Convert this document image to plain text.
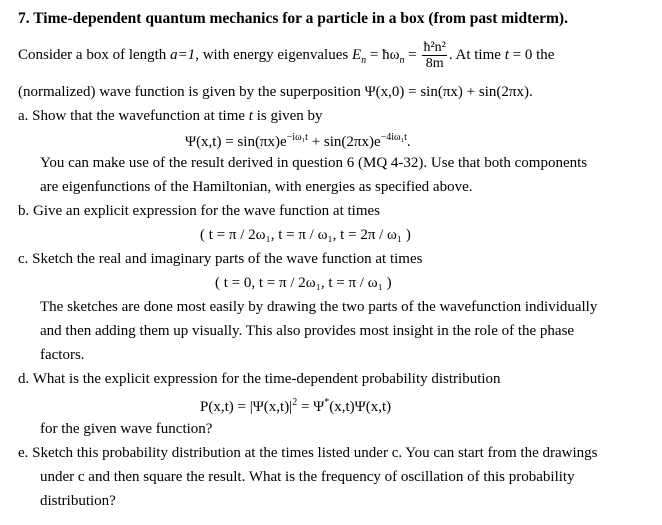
7. Time-dependent quantum mechanics for a particle in a box (from past midterm).
Consider a box of length a=1, with energy eigenvalues $E_n$ = $ħ\omega_n = \frac{\text{ħ²n²}}{8m}$ . At time t = 0 the
(normalized) wave function is given by the superposition Ψ(x,0) = sin(πx) + sin(2πx).
a. Show that the wavefunction at time t is given by
$\Psi(x,t) = \sin(\pi x)e^{-i\omega_1t} + \sin(2\pi x)e^{-4i\omega_1t}$.
You can make use of the result derived in question 6 (MQ 4-32). Use that both components
are eigenfunctions of the Hamiltonian, with energies as specified above.
b. Give an explicit expression for the wave function at times
( t = π / 2ω₁, t = π / ω₁, t = 2π / ω₁ )
c. Sketch the real and imaginary parts of the wave function at times
( t = 0, t = π / 2ω₁, t = π / ω₁ )
The sketches are done most easily by drawing the two parts of the wavefunction individually
and then adding them up visually. This also provides most insight in the role of the phase
factors.
d. What is the explicit expression for the time-dependent probability distribution
$P(x,t) = |\Psi(x,t)|^2 = \Psi^*(x,t)\Psi(x,t)$
for the given wave function?
e. Sketch this probability distribution at the times listed under c. You can start from the drawings
under c and then square the result. What is the frequency of oscillation of this probability
distribution?
